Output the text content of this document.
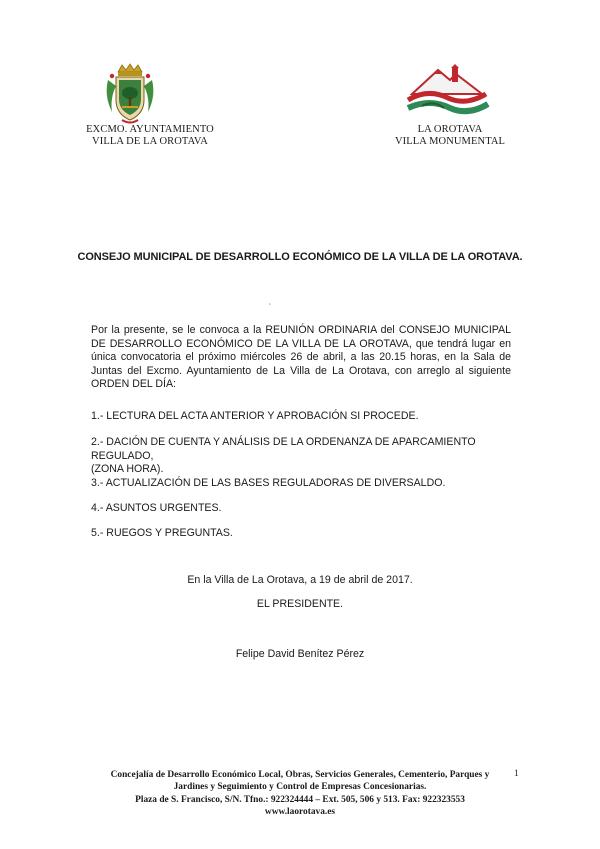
EXCMO. AYUNTAMIENTO
VILLA DE LA OROTAVA
LA OROTAVA
VILLA MONUMENTAL
CONSEJO MUNICIPAL DE DESARROLLO ECONÓMICO DE LA VILLA DE LA OROTAVA.
‘
Por la presente, se le convoca a la REUNIÓN ORDINARIA del CONSEJO MUNICIPAL DE DESARROLLO ECONÓMICO DE LA VILLA DE LA OROTAVA, que tendrá lugar en única convocatoria el próximo miércoles 26 de abril, a las 20.15 horas, en la Sala de Juntas del Excmo. Ayuntamiento de La Villa de La Orotava, con arreglo al siguiente ORDEN DEL DÍA:
1.- LECTURA DEL ACTA ANTERIOR Y APROBACIÓN SI PROCEDE.
2.- DACIÓN DE CUENTA Y ANÁLISIS DE LA ORDENANZA DE APARCAMIENTO REGULADO,
(ZONA HORA).
3.- ACTUALIZACIÓN DE LAS BASES REGULADORAS DE DIVERSALDO.
4.- ASUNTOS URGENTES.
5.- RUEGOS Y PREGUNTAS.
En la Villa de La Orotava, a 19 de abril de 2017.
EL PRESIDENTE.
Felipe David Benítez Pérez
Concejalía de Desarrollo Económico Local, Obras, Servicios Generales, Cementerio, Parques y
Jardines y Seguimiento y Control de Empresas Concesionarias.
Plaza de S. Francisco, S/N. Tfno.: 922324444 – Ext. 505, 506 y 513. Fax: 922323553
www.laorotava.es
1
